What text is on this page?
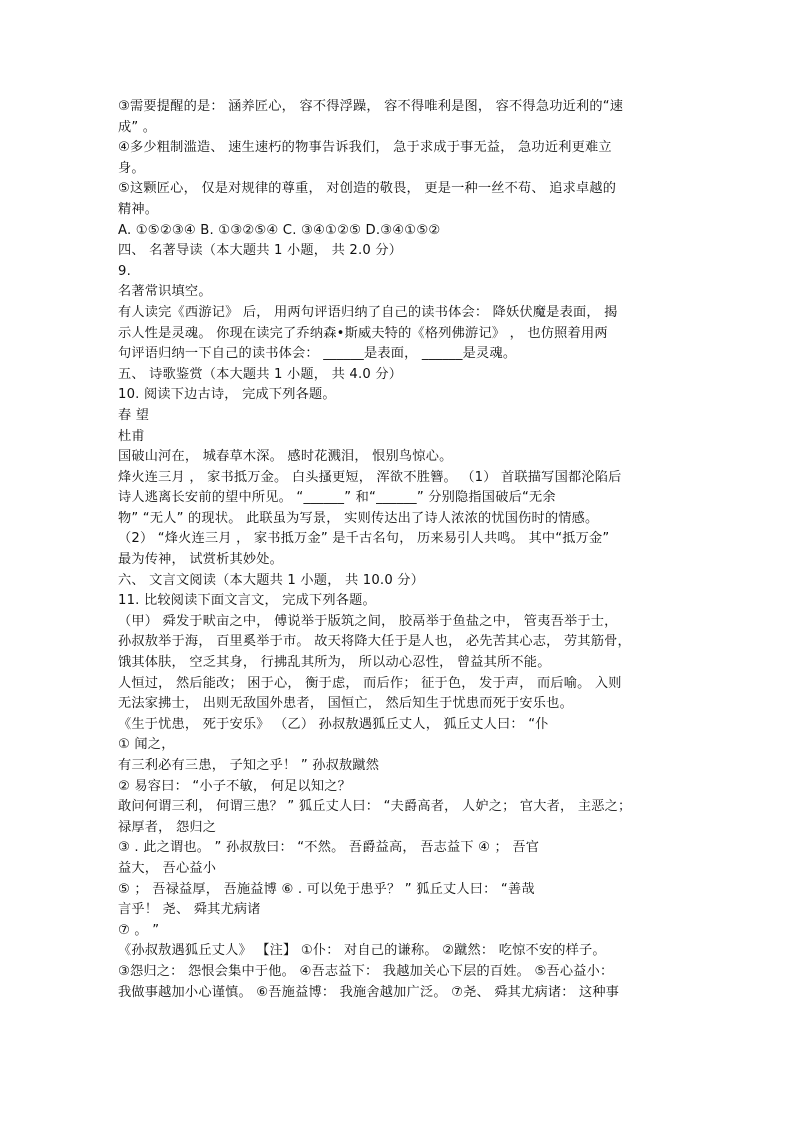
③需要提醒的是： 涵养匠心， 容不得浮躁， 容不得唯利是图， 容不得急功近利的“速
成” 。
④多少粗制滥造、 速生速朽的物事告诉我们， 急于求成于事无益， 急功近利更难立
身。
⑤这颗匠心， 仅是对规律的尊重， 对创造的敬畏， 更是一种一丝不苟、 追求卓越的
精神。
A. ①⑤②③④ B. ①③②⑤④ C. ③④①②⑤ D.③④①⑤②
四、 名著导读（本大题共 1 小题， 共 2.0 分）
9.
名著常识填空。
有人读完《西游记》 后， 用两句评语归纳了自己的读书体会： 降妖伏魔是表面， 揭
示人性是灵魂。 你现在读完了乔纳森•斯威夫特的《格列佛游记》 ， 也仿照着用两
句评语归纳一下自己的读书体会： ______是表面， ______是灵魂。
五、 诗歌鉴赏（本大题共 1 小题， 共 4.0 分）
10. 阅读下边古诗， 完成下列各题。
春 望
杜甫
国破山河在， 城春草木深。 感时花溅泪， 恨别鸟惊心。
烽火连三月 ， 家书抵万金。 白头搔更短， 浑欲不胜簪。 （1） 首联描写国都沦陷后
诗人逃离长安前的望中所见。 “______” 和“______” 分别隐指国破后“无余
物” “无人” 的现状。 此联虽为写景， 实则传达出了诗人浓浓的忧国伤时的情感。
（2） “烽火连三月 ， 家书抵万金” 是千古名句， 历来易引人共鸣。 其中“抵万金”
最为传神， 试赏析其妙处。
六、 文言文阅读（本大题共 1 小题， 共 10.0 分）
11. 比较阅读下面文言文， 完成下列各题。
（甲） 舜发于畎亩之中， 傅说举于版筑之间， 胶鬲举于鱼盐之中， 管夷吾举于士，
孙叔敖举于海， 百里奚举于市。 故天将降大任于是人也， 必先苦其心志， 劳其筋骨，
饿其体肤， 空乏其身， 行拂乱其所为， 所以动心忍性， 曾益其所不能。
人恒过， 然后能改； 困于心， 衡于虑， 而后作； 征于色， 发于声， 而后喻。 入则
无法家拂士， 出则无敌国外患者， 国恒亡， 然后知生于忧患而死于安乐也。
《生于忧患， 死于安乐》 （乙） 孙叔敖遇狐丘丈人， 狐丘丈人曰： “仆
① 闻之，
有三利必有三患， 子知之乎！ ” 孙叔敖蹴然
② 易容曰： “小子不敏， 何足以知之？
敢问何谓三利， 何谓三患？ ” 狐丘丈人曰： “夫爵高者， 人妒之； 官大者， 主恶之；
禄厚者， 怨归之
③ . 此之谓也。 ” 孙叔敖曰： “不然。 吾爵益高， 吾志益下 ④ ； 吾官
益大， 吾心益小
⑤ ； 吾禄益厚， 吾施益博 ⑥ . 可以免于患乎？ ” 狐丘丈人曰： “善哉
言乎！ 尧、 舜其尤病诸
⑦ 。 ”
《孙叔敖遇狐丘丈人》 【注】 ①仆： 对自己的谦称。 ②蹴然： 吃惊不安的样子。
③怨归之： 怨恨会集中于他。 ④吾志益下： 我越加关心下层的百姓。 ⑤吾心益小：
我做事越加小心谨慎。 ⑥吾施益博： 我施舍越加广泛。 ⑦尧、 舜其尤病诸： 这种事
